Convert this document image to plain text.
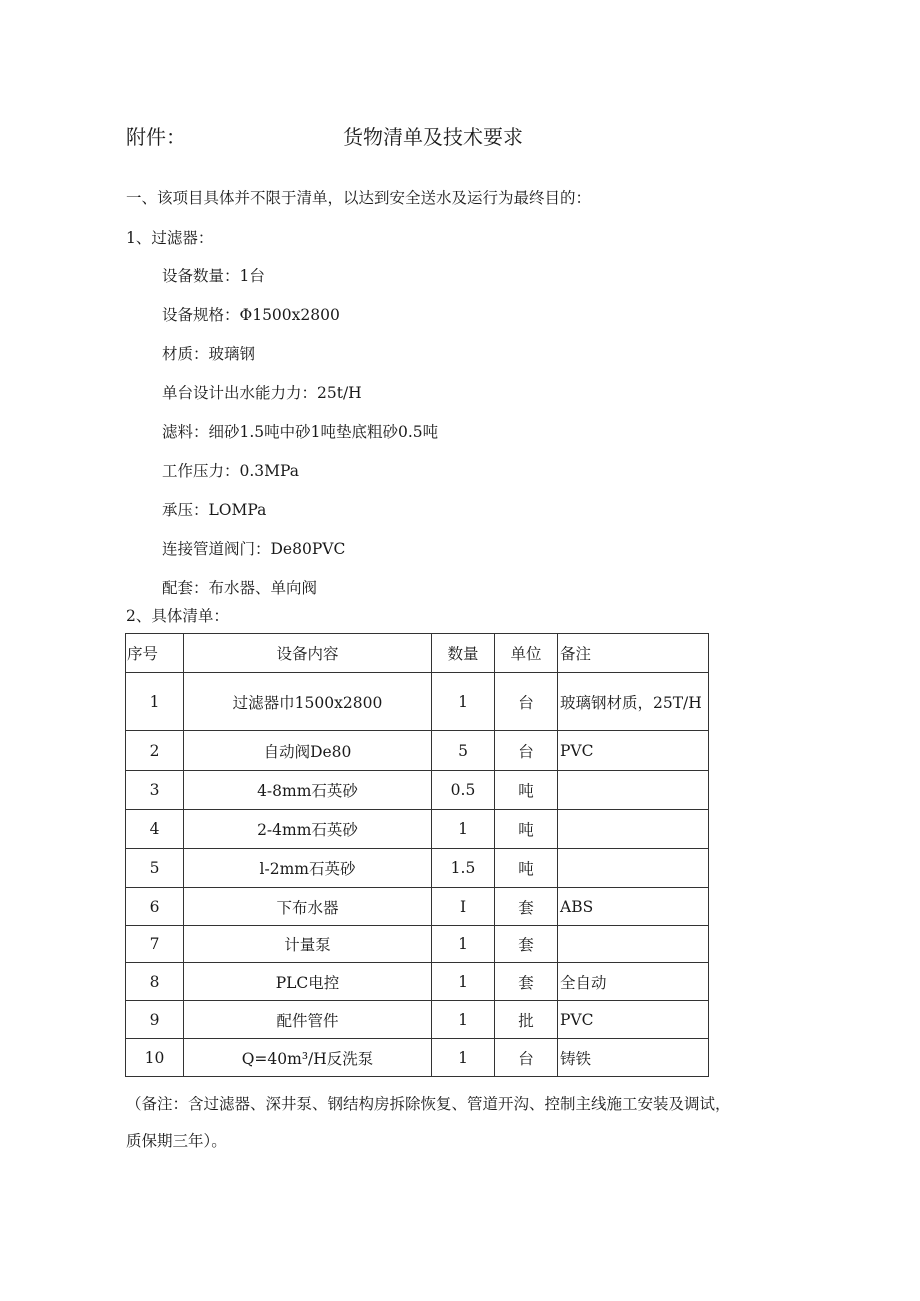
附件：	货物清单及技术要求
一、该项目具体并不限于清单，以达到安全送水及运行为最终目的：
1、过滤器：
设备数量：1台
设备规格：Φ1500x2800
材质：玻璃钢
单台设计出水能力力：25t/H
滤料：细砂1.5吨中砂1吨垫底粗砂0.5吨
工作压力：0.3MPa
承压：LOMPa
连接管道阀门：De80PVC
配套：布水器、单向阀
2、具体清单：
序号	设备内容	数量	单位	备注
1	过滤器巾1500x2800	1	台	玻璃钢材质，25T/H
2	自动阀De80	5	台	PVC
3	4-8mm石英砂	0.5	吨	
4	2-4mm石英砂	1	吨	
5	l-2mm石英砂	1.5	吨	
6	下布水器	I	套	ABS
7	计量泵	1	套	
8	PLC电控	1	套	全自动
9	配件管件	1	批	PVC
10	Q=40m³/H反洗泵	1	台	铸铁
（备注：含过滤器、深井泵、钢结构房拆除恢复、管道开沟、控制主线施工安装及调试，
质保期三年）。
